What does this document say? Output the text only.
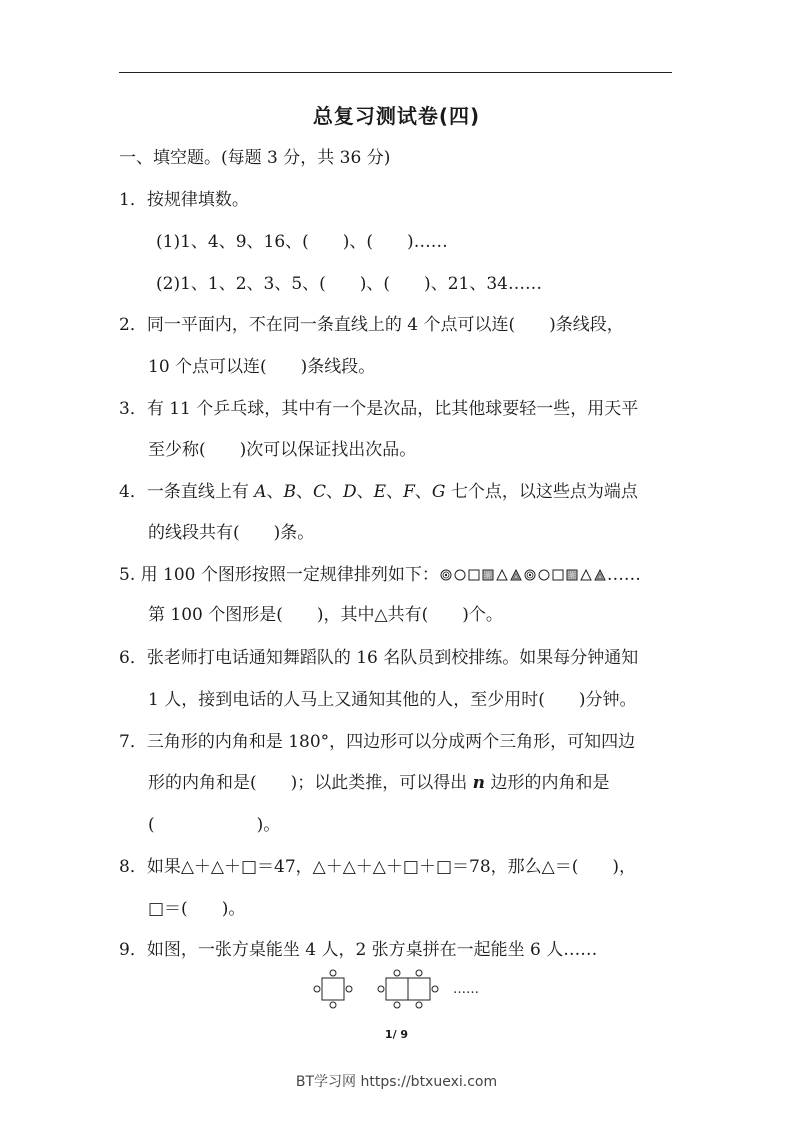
总复习测试卷(四)
一、填空题。(每题 3 分，共 36 分)
1．按规律填数。
(1)1、4、9、16、(　　)、(　　)……
(2)1、1、2、3、5、(　　)、(　　)、21、34……
2．同一平面内，不在同一条直线上的 4 个点可以连(　　)条线段，
10 个点可以连(　　)条线段。
3．有 11 个乒乓球，其中有一个是次品，比其他球要轻一些，用天平
至少称(　　)次可以保证找出次品。
4．一条直线上有 A、B、C、D、E、F、G 七个点，以这些点为端点
的线段共有(　　)条。
5. 用 100 个图形按照一定规律排列如下：	……
第 100 个图形是(　　)，其中△共有(　　)个。
6．张老师打电话通知舞蹈队的 16 名队员到校排练。如果每分钟通知
1 人，接到电话的人马上又通知其他的人，至少用时(　　)分钟。
7．三角形的内角和是 180°，四边形可以分成两个三角形，可知四边
形的内角和是(　　)；以此类推，可以得出 n 边形的内角和是
(　　　　　　)。
8．如果△＋△＋□＝47，△＋△＋△＋□＋□＝78，那么△＝(　　)，
□＝(　　)。
9．如图，一张方桌能坐 4 人，2 张方桌拼在一起能坐 6 人……
……
1/ 9
BT学习网 https://btxuexi.com
